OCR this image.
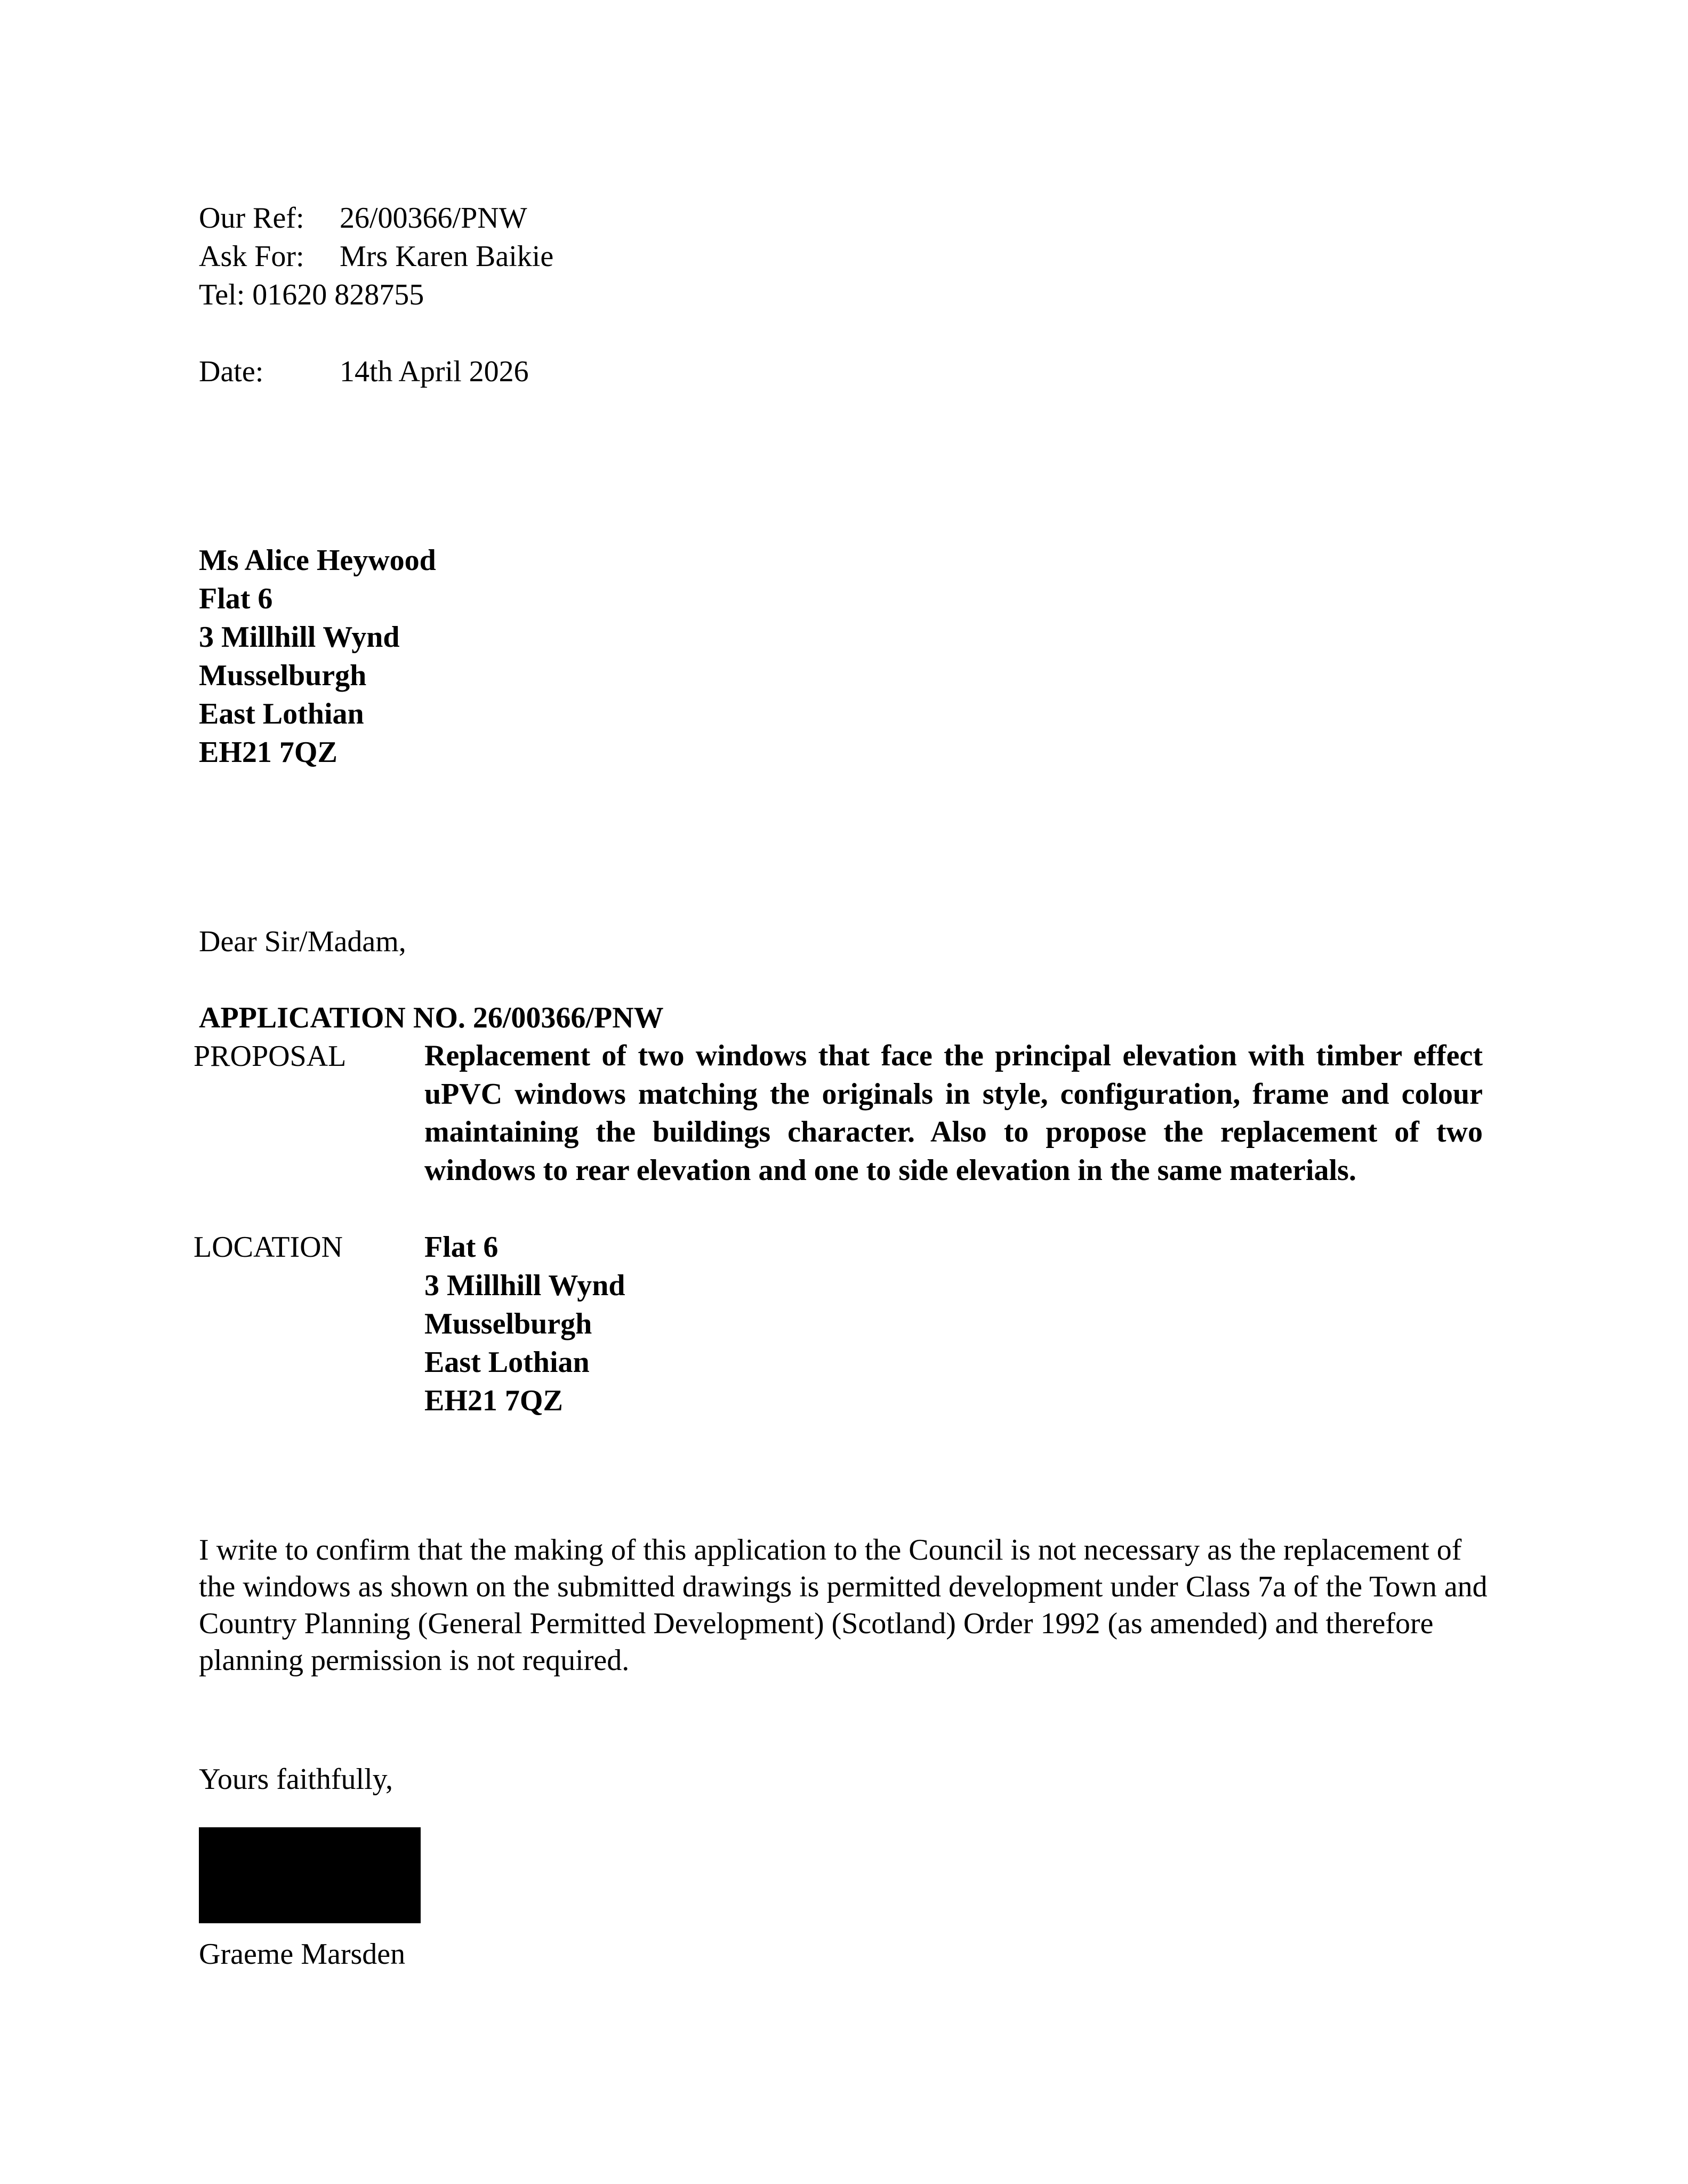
Our Ref:	26/00366/PNW
Ask For:	Mrs Karen Baikie
Tel: 01620 828755
Date:	14th April 2026
Ms Alice Heywood
Flat 6
3 Millhill Wynd
Musselburgh
East Lothian
EH21 7QZ
Dear Sir/Madam,
APPLICATION NO. 26/00366/PNW
PROPOSAL	Replacement of two windows that face the principal elevation with timber effect uPVC windows matching the originals in style, configuration, frame and colour maintaining the buildings character. Also to propose the replacement of two windows to rear elevation and one to side elevation in the same materials.
LOCATION	Flat 6
3 Millhill Wynd
Musselburgh
East Lothian
EH21 7QZ
I write to confirm that the making of this application to the Council is not necessary as the replacement of the windows as shown on the submitted drawings is permitted development under Class 7a of the Town and Country Planning (General Permitted Development) (Scotland) Order 1992 (as amended) and therefore planning permission is not required.
Yours faithfully,
Graeme Marsden
